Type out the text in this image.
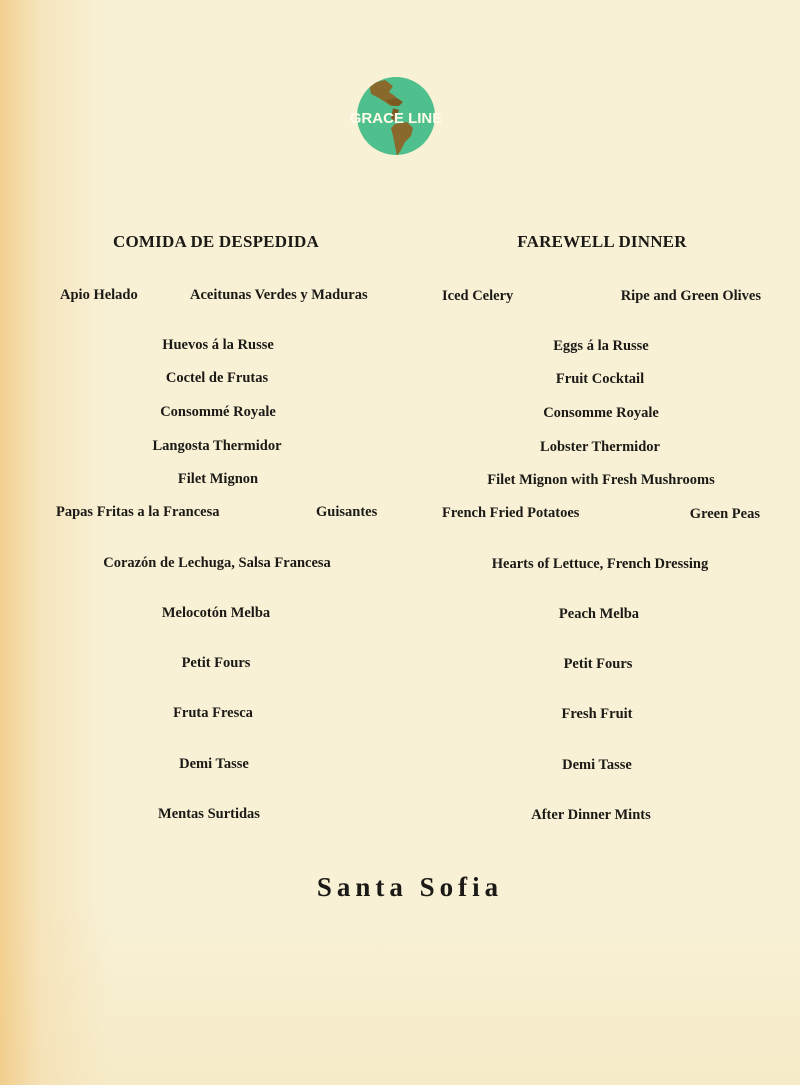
GRACE LINE
COMIDA DE DESPEDIDA	FAREWELL DINNER
Apio Helado	Aceitunas Verdes y Maduras
Huevos á la Russe
Coctel de Frutas
Consommé Royale
Langosta Thermidor
Filet Mignon
Papas Fritas a la Francesa	Guisantes
Corazón de Lechuga, Salsa Francesa
Melocotón Melba
Petit Fours
Fruta Fresca
Demi Tasse
Mentas Surtidas
Iced Celery	Ripe and Green Olives
Eggs á la Russe
Fruit Cocktail
Consomme Royale
Lobster Thermidor
Filet Mignon with Fresh Mushrooms
French Fried Potatoes	Green Peas
Hearts of Lettuce, French Dressing
Peach Melba
Petit Fours
Fresh Fruit
Demi Tasse
After Dinner Mints
Santa Sofia
